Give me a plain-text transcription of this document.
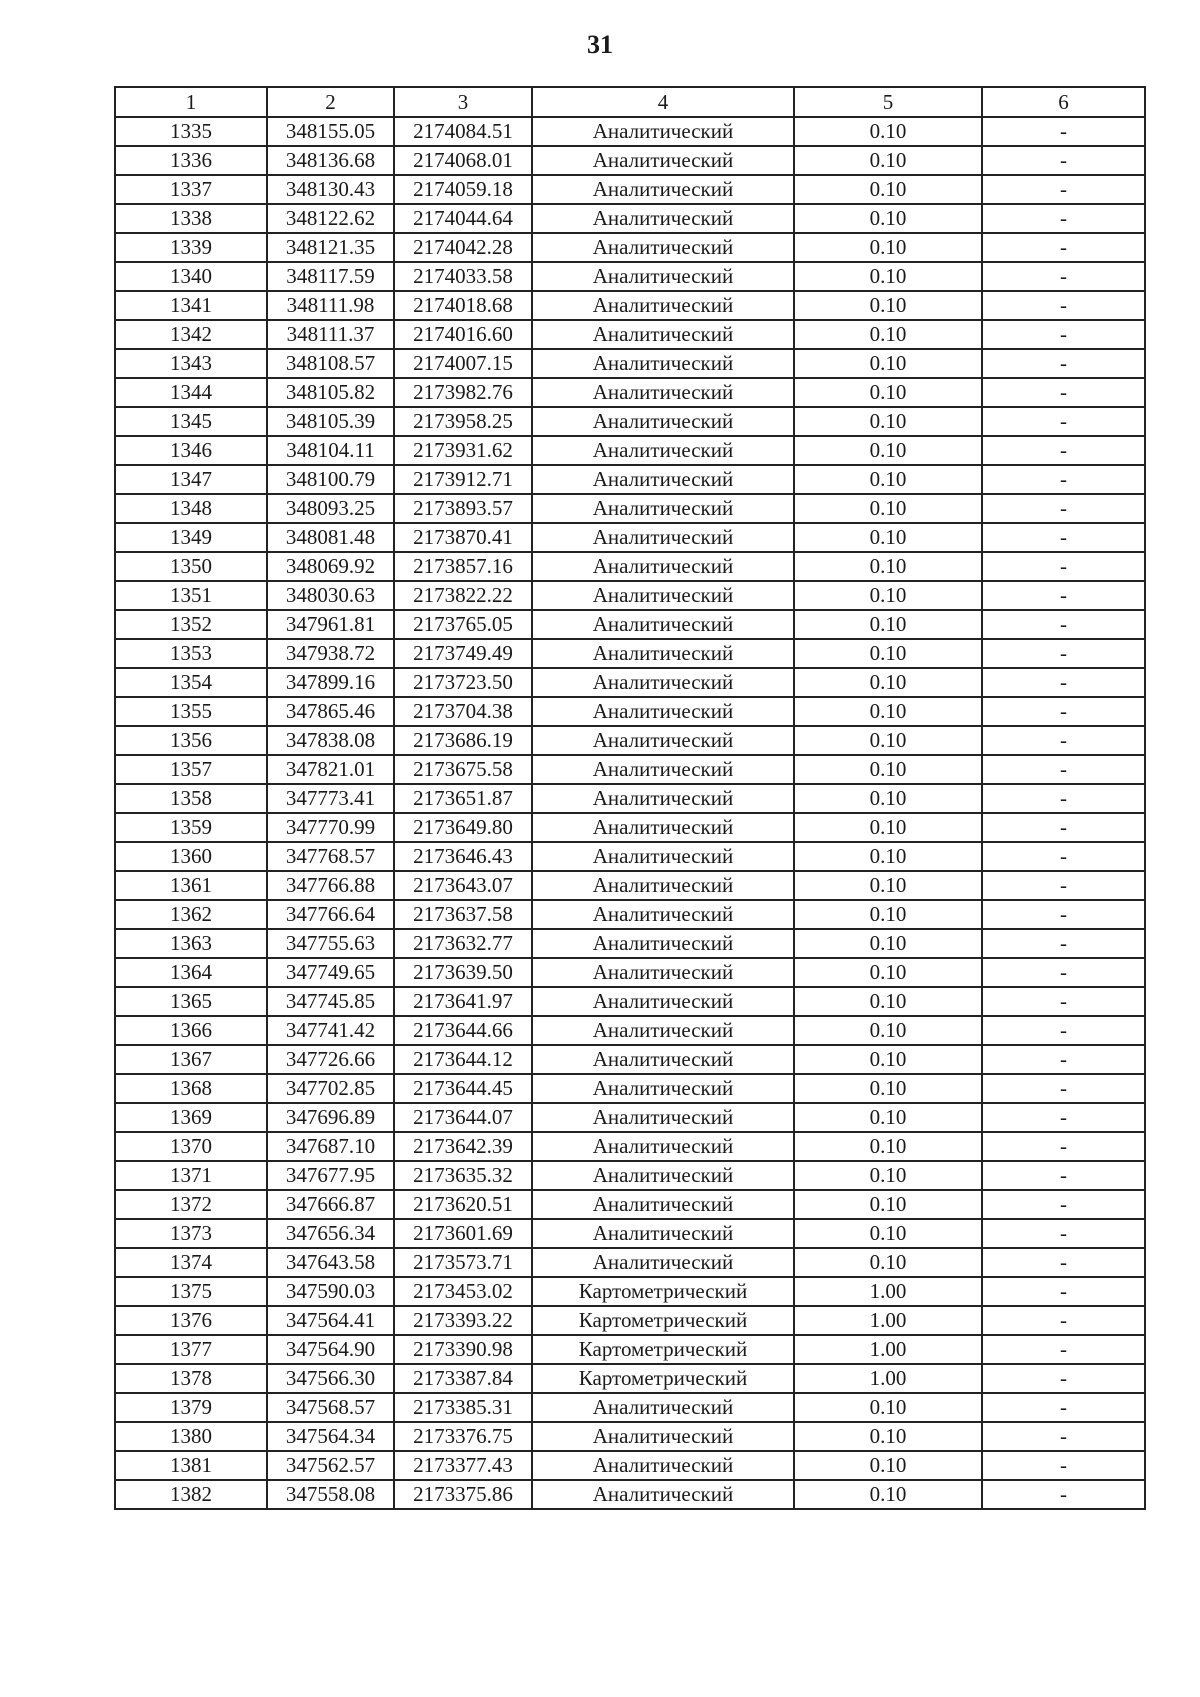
31
1	2	3	4	5	6
1335	348155.05	2174084.51	Аналитический	0.10	-
1336	348136.68	2174068.01	Аналитический	0.10	-
1337	348130.43	2174059.18	Аналитический	0.10	-
1338	348122.62	2174044.64	Аналитический	0.10	-
1339	348121.35	2174042.28	Аналитический	0.10	-
1340	348117.59	2174033.58	Аналитический	0.10	-
1341	348111.98	2174018.68	Аналитический	0.10	-
1342	348111.37	2174016.60	Аналитический	0.10	-
1343	348108.57	2174007.15	Аналитический	0.10	-
1344	348105.82	2173982.76	Аналитический	0.10	-
1345	348105.39	2173958.25	Аналитический	0.10	-
1346	348104.11	2173931.62	Аналитический	0.10	-
1347	348100.79	2173912.71	Аналитический	0.10	-
1348	348093.25	2173893.57	Аналитический	0.10	-
1349	348081.48	2173870.41	Аналитический	0.10	-
1350	348069.92	2173857.16	Аналитический	0.10	-
1351	348030.63	2173822.22	Аналитический	0.10	-
1352	347961.81	2173765.05	Аналитический	0.10	-
1353	347938.72	2173749.49	Аналитический	0.10	-
1354	347899.16	2173723.50	Аналитический	0.10	-
1355	347865.46	2173704.38	Аналитический	0.10	-
1356	347838.08	2173686.19	Аналитический	0.10	-
1357	347821.01	2173675.58	Аналитический	0.10	-
1358	347773.41	2173651.87	Аналитический	0.10	-
1359	347770.99	2173649.80	Аналитический	0.10	-
1360	347768.57	2173646.43	Аналитический	0.10	-
1361	347766.88	2173643.07	Аналитический	0.10	-
1362	347766.64	2173637.58	Аналитический	0.10	-
1363	347755.63	2173632.77	Аналитический	0.10	-
1364	347749.65	2173639.50	Аналитический	0.10	-
1365	347745.85	2173641.97	Аналитический	0.10	-
1366	347741.42	2173644.66	Аналитический	0.10	-
1367	347726.66	2173644.12	Аналитический	0.10	-
1368	347702.85	2173644.45	Аналитический	0.10	-
1369	347696.89	2173644.07	Аналитический	0.10	-
1370	347687.10	2173642.39	Аналитический	0.10	-
1371	347677.95	2173635.32	Аналитический	0.10	-
1372	347666.87	2173620.51	Аналитический	0.10	-
1373	347656.34	2173601.69	Аналитический	0.10	-
1374	347643.58	2173573.71	Аналитический	0.10	-
1375	347590.03	2173453.02	Картометрический	1.00	-
1376	347564.41	2173393.22	Картометрический	1.00	-
1377	347564.90	2173390.98	Картометрический	1.00	-
1378	347566.30	2173387.84	Картометрический	1.00	-
1379	347568.57	2173385.31	Аналитический	0.10	-
1380	347564.34	2173376.75	Аналитический	0.10	-
1381	347562.57	2173377.43	Аналитический	0.10	-
1382	347558.08	2173375.86	Аналитический	0.10	-
